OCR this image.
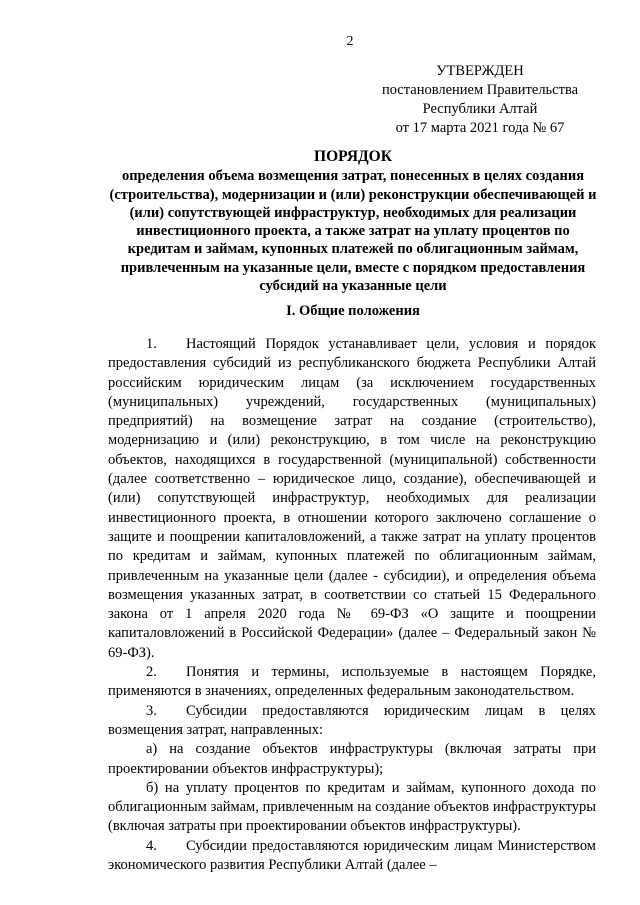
2
УТВЕРЖДЕН
постановлением Правительства
Республики Алтай
от 17 марта 2021 года № 67
ПОРЯДОК
определения объема возмещения затрат, понесенных в целях создания (строительства), модернизации и (или) реконструкции обеспечивающей и (или) сопутствующей инфраструктур, необходимых для реализации инвестиционного проекта, а также затрат на уплату процентов по кредитам и займам, купонных платежей по облигационным займам, привлеченным на указанные цели, вместе с порядком предоставления субсидий на указанные цели
I. Общие положения

1. Настоящий Порядок устанавливает цели, условия и порядок предоставления субсидий из республиканского бюджета Республики Алтай российским юридическим лицам (за исключением государственных (муниципальных) учреждений, государственных (муниципальных) предприятий) на возмещение затрат на создание (строительство), модернизацию и (или) реконструкцию, в том числе на реконструкцию объектов, находящихся в государственной (муниципальной) собственности (далее соответственно – юридическое лицо, создание), обеспечивающей и (или) сопутствующей инфраструктур, необходимых для реализации инвестиционного проекта, в отношении которого заключено соглашение о защите и поощрении капиталовложений, а также затрат на уплату процентов по кредитам и займам, купонных платежей по облигационным займам, привлеченным на указанные цели (далее - субсидии), и определения объема возмещения указанных затрат, в соответствии со статьей 15 Федерального закона от 1 апреля 2020 года № 69-ФЗ «О защите и поощрении капиталовложений в Российской Федерации» (далее – Федеральный закон № 69-ФЗ).

2. Понятия и термины, используемые в настоящем Порядке, применяются в значениях, определенных федеральным законодательством.

3. Субсидии предоставляются юридическим лицам в целях возмещения затрат, направленных:

а) на создание объектов инфраструктуры (включая затраты при проектировании объектов инфраструктуры);

б) на уплату процентов по кредитам и займам, купонного дохода по облигационным займам, привлеченным на создание объектов инфраструктуры (включая затраты при проектировании объектов инфраструктуры).

4. Субсидии предоставляются юридическим лицам Министерством экономического развития Республики Алтай (далее –
